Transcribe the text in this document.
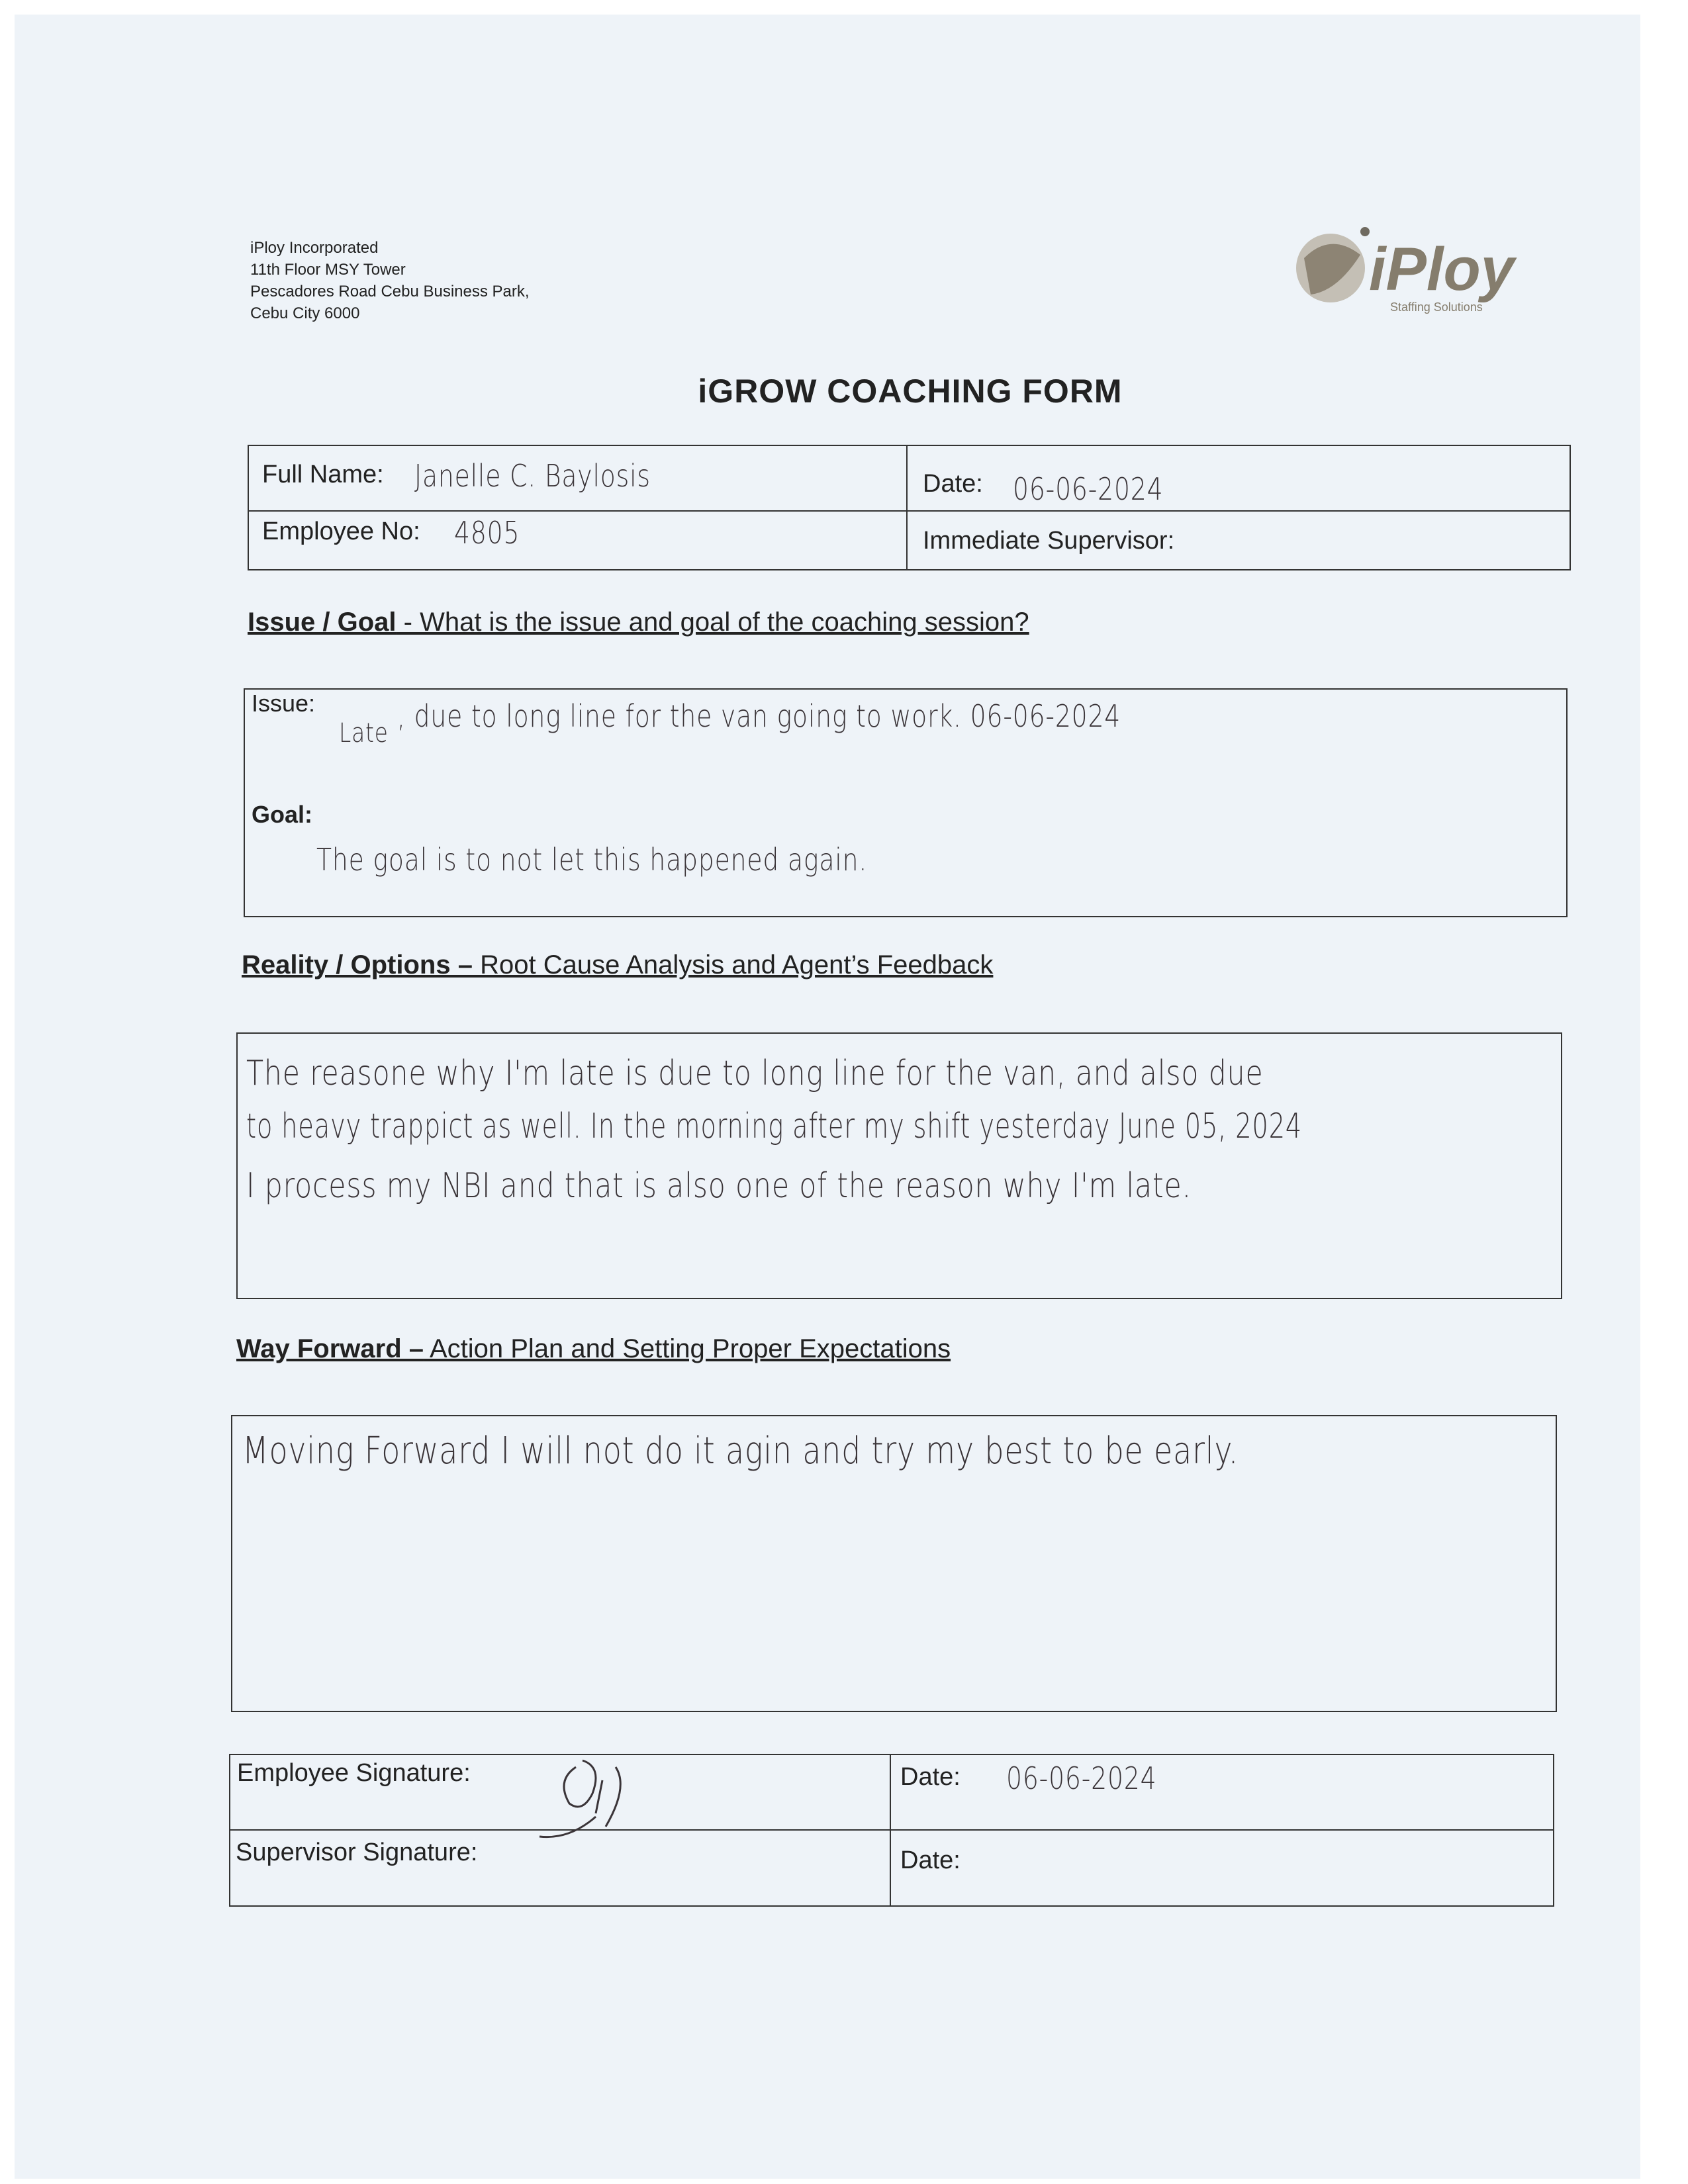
iPloy Incorporated
11th Floor MSY Tower
Pescadores Road Cebu Business Park,
Cebu City 6000
iPloy
Staffing Solutions
iGROW COACHING FORM
Full Name: Janelle C. Baylosis	Date: 06-06-2024
Employee No: 4805	Immediate Supervisor:
Issue / Goal - What is the issue and goal of the coaching session?
Issue:
Late , due to long line for the van going to work. 06-06-2024
Goal:
The goal is to not let this happened again.
Reality / Options – Root Cause Analysis and Agent’s Feedback
The reasone why I'm late is due to long line for the van, and also due
to heavy trappict as well. In the morning after my shift yesterday June 05, 2024
I process my NBI and that is also one of the reason why I'm late.
Way Forward – Action Plan and Setting Proper Expectations
Moving Forward I will not do it agin and try my best to be early.
Employee Signature:	Date: 06-06-2024
Supervisor Signature:	Date:
